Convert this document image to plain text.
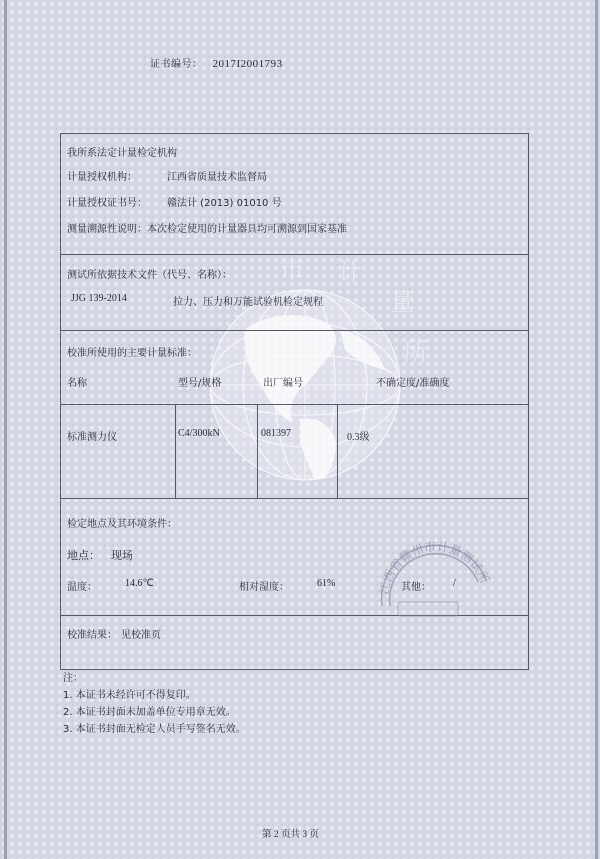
证书编号： 2017I2001793
市 计
量
所
我所系法定计量检定机构
计量授权机构：	江西省质量技术监督局
计量授权证书号： 赣法计 (2013) 01010 号
测量溯源性说明：本次检定使用的计量器具均可溯源到国家基准
测试所依据技术文件（代号、名称）：
JJG 139-2014	拉力、压力和万能试验机检定规程
校准所使用的主要计量标准：
名称	型号/规格	出厂编号	不确定度/准确度
标准测力仪	C4/300kN	081397	0.3级
检定地点及其环境条件：
地点： 现场
温度：	14.6℃	相对湿度：	61%	其他： /
校准结果： 见校准页
江西省赣州市计量测试所
注：
1. 本证书未经许可不得复印。
2. 本证书封面未加盖单位专用章无效。
3. 本证书封面无检定人员手写签名无效。
第 2 页共 3 页
